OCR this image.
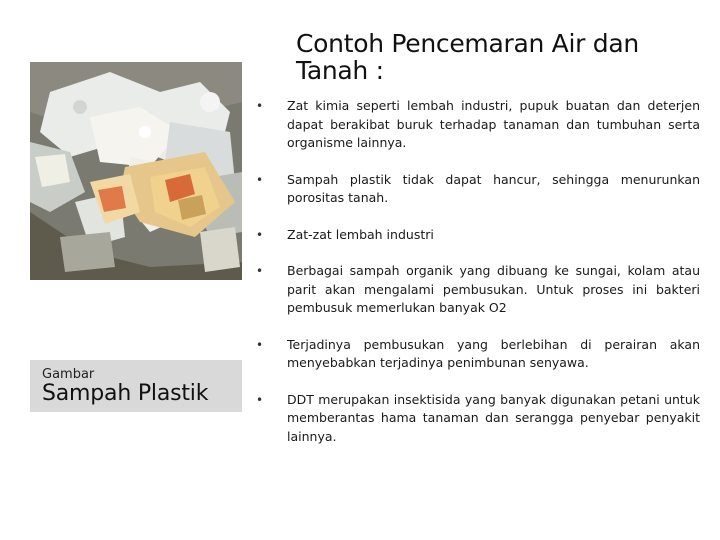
Contoh Pencemaran Air dan Tanah :
Gambar
Sampah Plastik
• Zat kimia seperti lembah industri, pupuk buatan dan deterjen dapat berakibat buruk terhadap tanaman dan tumbuhan serta organisme lainnya.
• Sampah plastik tidak dapat hancur, sehingga menurunkan porositas tanah.
• Zat-zat lembah industri
• Berbagai sampah organik yang dibuang ke sungai, kolam atau parit akan mengalami pembusukan. Untuk proses ini bakteri pembusuk memerlukan banyak O2
• Terjadinya pembusukan yang berlebihan di perairan akan menyebabkan terjadinya penimbunan senyawa.
• DDT merupakan insektisida yang banyak digunakan petani untuk memberantas hama tanaman dan serangga penyebar penyakit lainnya.
